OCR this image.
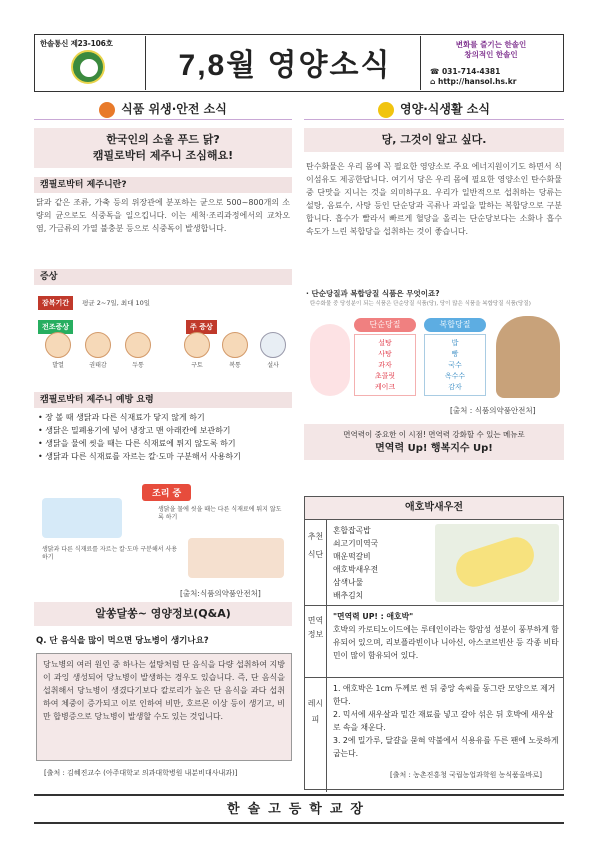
한솔통신 제23-106호
7,8월 영양소식
변화를 즐기는 한솔인
창의적인 한솔인
☎ 031-714-4381
⌂ http://hansol.hs.kr
식품 위생·안전 소식
한국인의 소울 푸드 닭?
캠필로박터 제주니 조심해요!
캠필로박터 제주니란?
닭과 같은 조류, 가축 등의 위장관에 분포하는 균으로 500~800개의 소량의 균으로도 식중독을 일으킵니다. 이는 세척·조리과정에서의 교차오염, 가금류의 가열 불충분 등으로 식중독이 발생합니다.
증상
잠복기간 평균 2~7일, 최대 10일
전조증상	주 증상
발열	권태감	두통	구토	복통	설사
캠필로박터 제주니 예방 요령
• 장 볼 때 생닭과 다른 식재료가 닿지 않게 하기
• 생닭은 밀폐용기에 넣어 냉장고 맨 아래칸에 보관하기
• 생닭을 물에 씻을 때는 다른 식재료에 튀지 않도록 하기
• 생닭과 다른 식재료를 자르는 칼·도마 구분해서 사용하기
조리 중
생닭을 물에 씻을 때는 다른 식재료에 튀지 않도록 하기
생닭과 다른 식재료를 자르는 칼·도마 구분해서 사용하기
[출처:식품의약품안전처]
알쏭달쏭~ 영양정보(Q&A)
Q. 단 음식을 많이 먹으면 당뇨병이 생기나요?
당뇨병의 여러 원인 중 하나는 설탕처럼 단 음식을 다량 섭취하여 지방이 과잉 생성되어 당뇨병이 발생하는 경우도 있습니다. 즉, 단 음식을 섭취해서 당뇨병이 생겼다기보다 칼로리가 높은 단 음식을 과다 섭취하여 체중이 증가되고 이로 인하여 비만, 호르몬 이상 등이 생기고, 비만 합병증으로 당뇨병이 발생할 수도 있는 것입니다.
[출처 : 김혜진교수 (아주대학교 의과대학병원 내분비대사내과)]
영양·식생활 소식
당, 그것이 알고 싶다.
탄수화물은 우리 몸에 꼭 필요한 영양소로 주요 에너지원이기도 하면서 식이섬유도 제공한답니다. 여기서 당은 우리 몸에 필요한 영양소인 탄수화물 중 단맛을 지니는 것을 의미하구요. 우리가 일반적으로 섭취하는 당류는 설탕, 음료수, 사탕 등인 단순당과 곡류나 과일을 말하는 복합당으로 구분합니다. 흡수가 빨라서 빠르게 혈당을 올리는 단순당보다는 소화나 흡수 속도가 느린 복합당을 섭취하는 것이 좋습니다.
· 단순당질과 복합당질 식품은 무엇이죠?
탄수화물 중 당성분이 되는 식품은 단순당질 식품(당), 당이 많은 식품을 복합당질 식품(당질)
단순당질
설탕
사탕
과자
초콜릿
케이크
복합당질
밥
빵
국수
옥수수
감자
[출처 : 식품의약품안전처]
면역력이 중요한 이 시점! 면역력 강화할 수 있는 메뉴로
면역력 Up! 행복지수 Up!
애호박새우전
추천식단
혼합잡곡밥
쇠고기미역국
매운떡갈비
애호박새우전
삼색나물
배추김치
면역정보
"면역력 UP! : 애호박"
호박의 카로티노이드에는 루테인이라는 항암성 성분이 풍부하게 함유되어 있으며, 리보플라빈이나 니아신, 아스코르빈산 등 각종 비타민이 많이 함유되어 있다.
레시피
1. 애호박은 1cm 두께로 썬 뒤 중앙 속씨를 동그란 모양으로 제거한다.
2. 믹서에 새우살과 밑간 재료를 넣고 갈아 섞은 뒤 호박에 새우살로 속을 채운다.
3. 2에 밀가루, 달걀을 묻혀 약불에서 식용유를 두른 팬에 노릇하게 굽는다.
[출처 : 농촌진흥청 국립농업과학원 농식품올바로]
한솔고등학교장
